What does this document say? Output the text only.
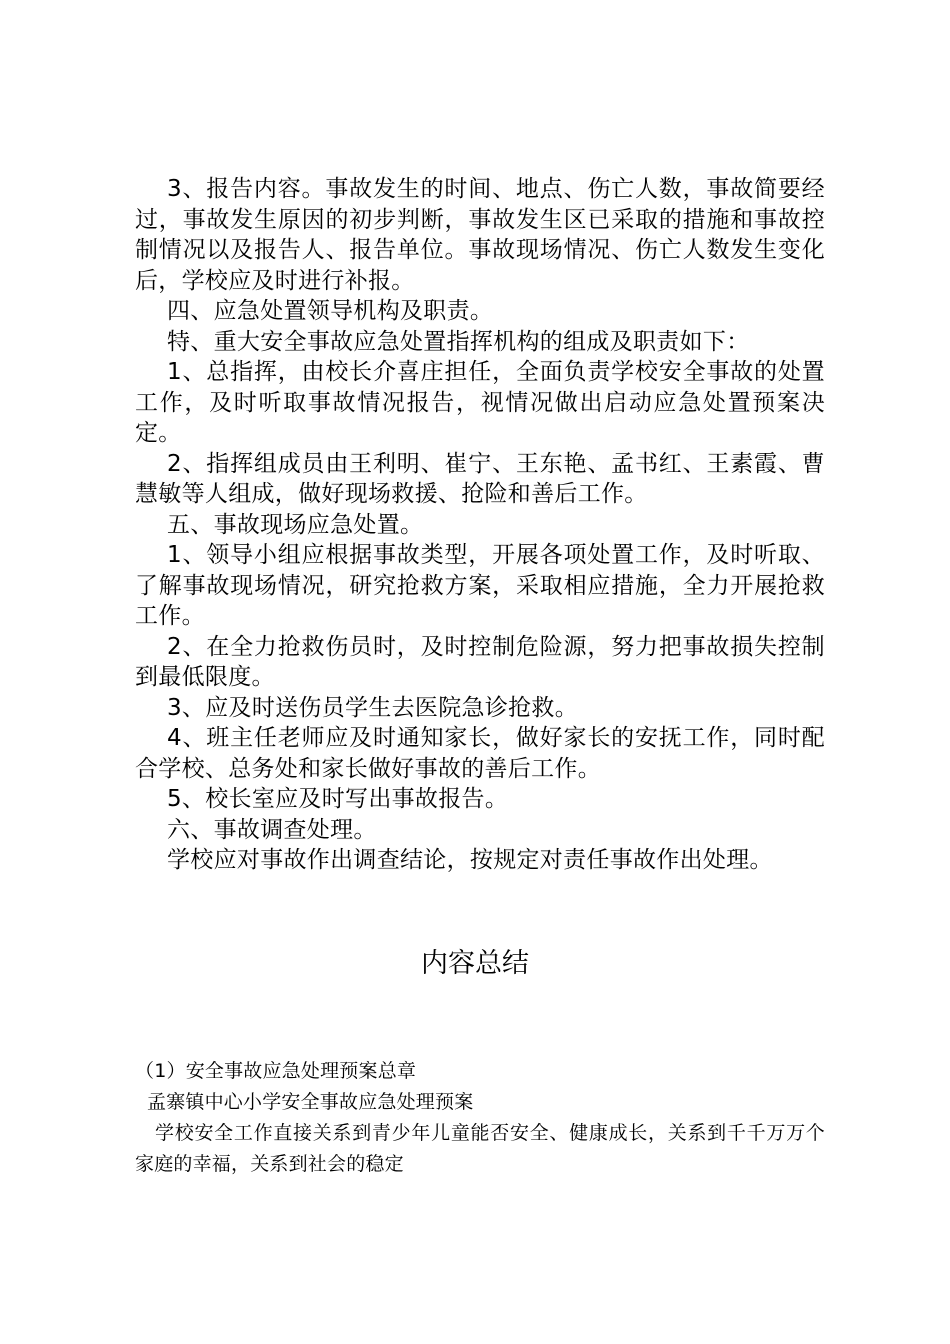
3、报告内容。事故发生的时间、地点、伤亡人数，事故简要经过，事故发生原因的初步判断，事故发生区已采取的措施和事故控制情况以及报告人、报告单位。事故现场情况、伤亡人数发生变化后，学校应及时进行补报。

四、应急处置领导机构及职责。

特、重大安全事故应急处置指挥机构的组成及职责如下：

1、总指挥，由校长介喜庄担任，全面负责学校安全事故的处置工作，及时听取事故情况报告，视情况做出启动应急处置预案决定。

2、指挥组成员由王利明、崔宁、王东艳、孟书红、王素霞、曹慧敏等人组成，做好现场救援、抢险和善后工作。

五、事故现场应急处置。

1、领导小组应根据事故类型，开展各项处置工作，及时听取、了解事故现场情况，研究抢救方案，采取相应措施，全力开展抢救工作。

2、在全力抢救伤员时，及时控制危险源，努力把事故损失控制到最低限度。

3、应及时送伤员学生去医院急诊抢救。

4、班主任老师应及时通知家长，做好家长的安抚工作，同时配合学校、总务处和家长做好事故的善后工作。

5、校长室应及时写出事故报告。

六、事故调查处理。

学校应对事故作出调查结论，按规定对责任事故作出处理。

内容总结

（1）安全事故应急处理预案总章

孟寨镇中心小学安全事故应急处理预案

学校安全工作直接关系到青少年儿童能否安全、健康成长，关系到千千万万个家庭的幸福，关系到社会的稳定
